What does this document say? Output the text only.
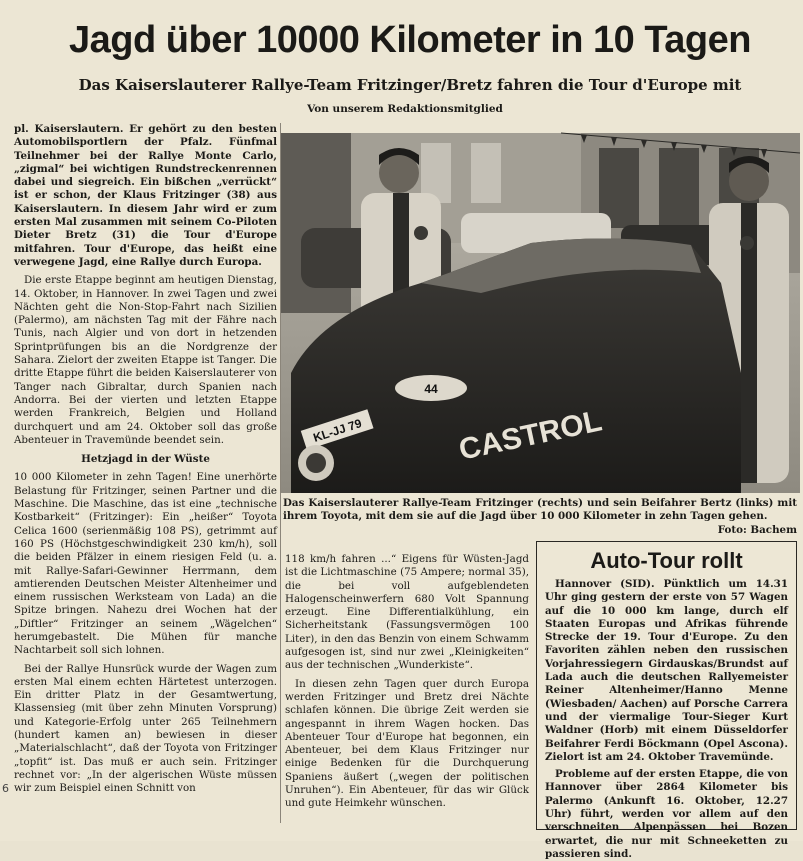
Jagd über 10000 Kilometer in 10 Tagen
Das Kaiserslauterer Rallye-Team Fritzinger/Bretz fahren die Tour d'Europe mit
Von unserem Redaktionsmitglied

pl. Kaiserslautern. Er gehört zu den besten Automobilsportlern der Pfalz. Fünfmal Teilnehmer bei der Rallye Monte Carlo, „zigmal“ bei wichtigen Rundstreckenrennen dabei und siegreich. Ein bißchen „verrückt“ ist er schon, der Klaus Fritzinger (38) aus Kaiserslautern. In diesem Jahr wird er zum ersten Mal zusammen mit seinem Co-Piloten Dieter Bretz (31) die Tour d'Europe mitfahren. Tour d'Europe, das heißt eine verwegene Jagd, eine Rallye durch Europa.

Die erste Etappe beginnt am heutigen Dienstag, 14. Oktober, in Hannover. In zwei Tagen und zwei Nächten geht die Non-Stop-Fahrt nach Sizilien (Palermo), am nächsten Tag mit der Fähre nach Tunis, nach Algier und von dort in hetzenden Sprintprüfungen bis an die Nordgrenze der Sahara. Zielort der zweiten Etappe ist Tanger. Die dritte Etappe führt die beiden Kaiserslauterer von Tanger nach Gibraltar, durch Spanien nach Andorra. Bei der vierten und letzten Etappe werden Frankreich, Belgien und Holland durchquert und am 24. Oktober soll das große Abenteuer in Travemünde beendet sein.

Hetzjagd in der Wüste

10 000 Kilometer in zehn Tagen! Eine unerhörte Belastung für Fritzinger, seinen Partner und die Maschine. Die Maschine, das ist eine „technische Kostbarkeit“ (Fritzinger): Ein „heißer“ Toyota Celica 1600 (serienmäßig 108 PS), getrimmt auf 160 PS (Höchstgeschwindigkeit 230 km/h), soll die beiden Pfälzer in einem riesigen Feld (u. a. mit Rallye-Safari-Gewinner Herrmann, dem amtierenden Deutschen Meister Altenheimer und einem russischen Werksteam von Lada) an die Spitze bringen. Nahezu drei Wochen hat der „Diftler“ Fritzinger an seinem „Wägelchen“ herumgebastelt. Die Mühen für manche Nachtarbeit soll sich lohnen.

Bei der Rallye Hunsrück wurde der Wagen zum ersten Mal einem echten Härtetest unterzogen. Ein dritter Platz in der Gesamtwertung, Klassensieg (mit über zehn Minuten Vorsprung) und Kategorie-Erfolg unter 265 Teilnehmern (hundert kamen an) bewiesen in dieser „Materialschlacht“, daß der Toyota von Fritzinger „topfit“ ist. Das muß er auch sein. Fritzinger rechnet vor: „In der algerischen Wüste müssen wir zum Beispiel einen Schnitt von

44
CASTROL
KL-JJ 79
Das Kaiserslauterer Rallye-Team Fritzinger (rechts) und sein Beifahrer Bertz (links) mit ihrem Toyota, mit dem sie auf die Jagd über 10 000 Kilometer in zehn Tagen gehen.
Foto: Bachem

118 km/h fahren ...“ Eigens für Wüsten-Jagd ist die Lichtmaschine (75 Ampere; normal 35), die bei voll aufgeblendeten Halogenscheinwerfern 680 Volt Spannung erzeugt. Eine Differentialkühlung, ein Sicherheitstank (Fassungsvermögen 100 Liter), in den das Benzin von einem Schwamm aufgesogen ist, sind nur zwei „Kleinigkeiten“ aus der technischen „Wunderkiste“.

In diesen zehn Tagen quer durch Europa werden Fritzinger und Bretz drei Nächte schlafen können. Die übrige Zeit werden sie angespannt in ihrem Wagen hocken. Das Abenteuer Tour d'Europe hat begonnen, ein Abenteuer, bei dem Klaus Fritzinger nur einige Bedenken für die Durchquerung Spaniens äußert („wegen der politischen Unruhen“). Ein Abenteuer, für das wir Glück und gute Heimkehr wünschen.

Auto-Tour rollt

Hannover (SID). Pünktlich um 14.31 Uhr ging gestern der erste von 57 Wagen auf die 10 000 km lange, durch elf Staaten Europas und Afrikas führende Strecke der 19. Tour d'Europe. Zu den Favoriten zählen neben den russischen Vorjahressiegern Girdauskas/Brundst auf Lada auch die deutschen Rallyemeister Reiner Altenheimer/Hanno Menne (Wiesbaden/ Aachen) auf Porsche Carrera und der viermalige Tour-Sieger Kurt Waldner (Horb) mit einem Düsseldorfer Beifahrer Ferdi Böckmann (Opel Ascona). Zielort ist am 24. Oktober Travemünde.

Probleme auf der ersten Etappe, die von Hannover über 2864 Kilometer bis Palermo (Ankunft 16. Oktober, 12.27 Uhr) führt, werden vor allem auf den verschneiten Alpenpässen bei Bozen erwartet, die nur mit Schneeketten zu passieren sind.

6
